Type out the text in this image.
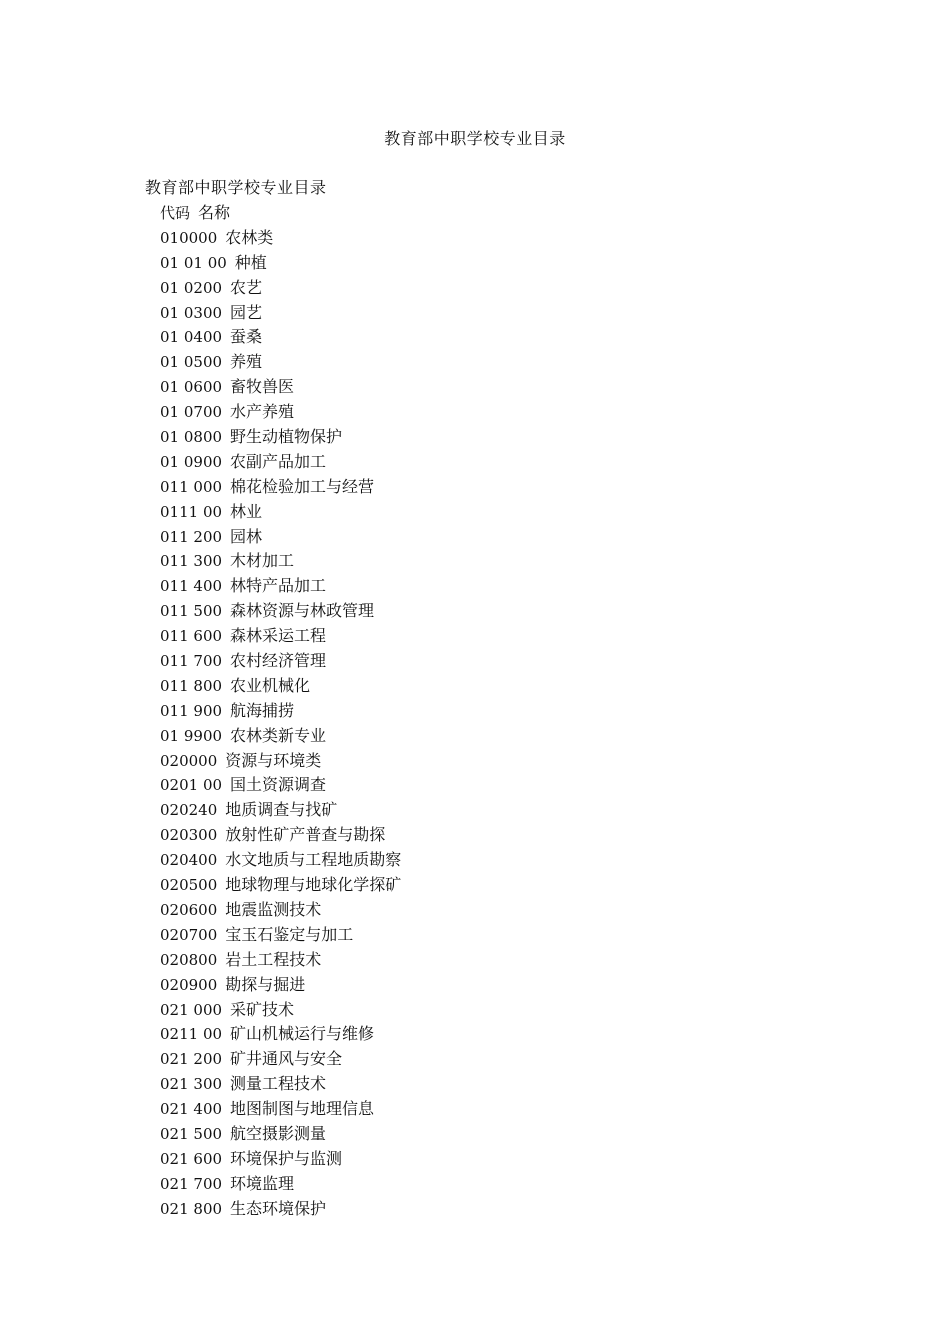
教育部中职学校专业目录
教育部中职学校专业目录
代码 名称
010000 农林类
01 01 00 种植
01 0200 农艺
01 0300 园艺
01 0400 蚕桑
01 0500 养殖
01 0600 畜牧兽医
01 0700 水产养殖
01 0800 野生动植物保护
01 0900 农副产品加工
011 000 棉花检验加工与经营
0111 00 林业
011 200 园林
011 300 木材加工
011 400 林特产品加工
011 500 森林资源与林政管理
011 600 森林采运工程
011 700 农村经济管理
011 800 农业机械化
011 900 航海捕捞
01 9900 农林类新专业
020000 资源与环境类
0201 00 国土资源调查
020240 地质调查与找矿
020300 放射性矿产普查与勘探
020400 水文地质与工程地质勘察
020500 地球物理与地球化学探矿
020600 地震监测技术
020700 宝玉石鉴定与加工
020800 岩土工程技术
020900 勘探与掘进
021 000 采矿技术
0211 00 矿山机械运行与维修
021 200 矿井通风与安全
021 300 测量工程技术
021 400 地图制图与地理信息
021 500 航空摄影测量
021 600 环境保护与监测
021 700 环境监理
021 800 生态环境保护
